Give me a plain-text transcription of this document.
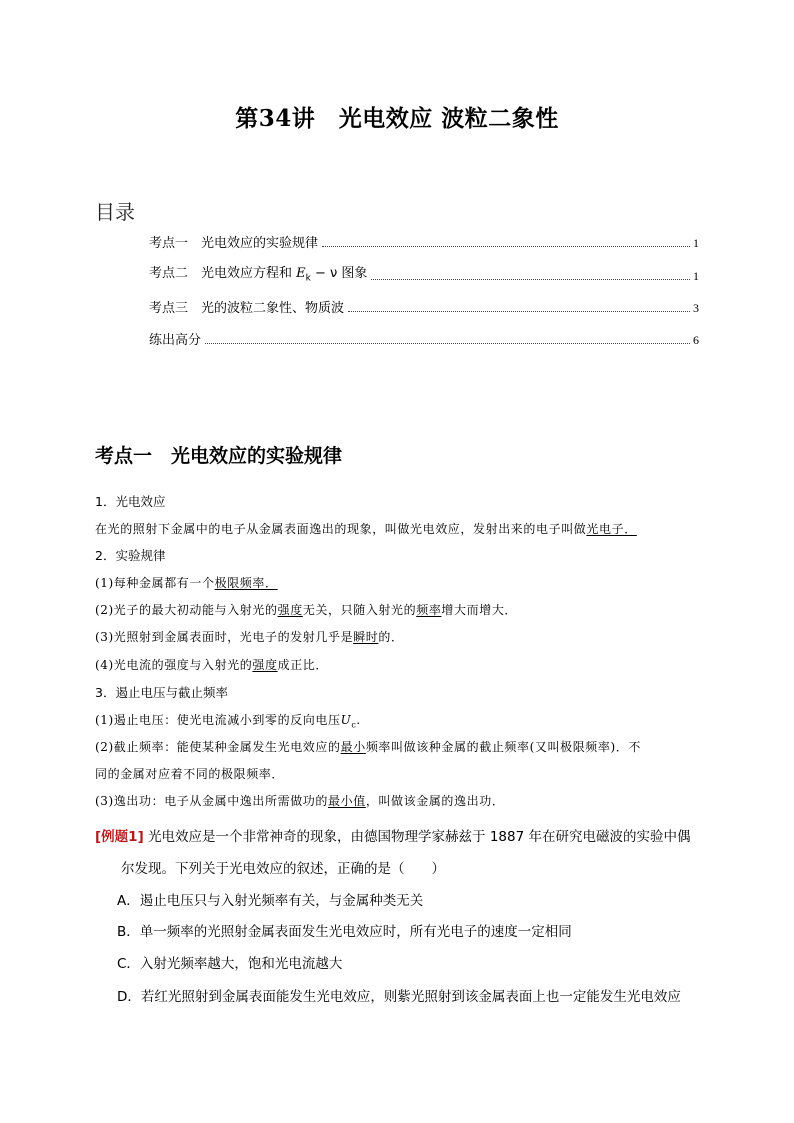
第34讲　光电效应 波粒二象性
目录
考点一　光电效应的实验规律	1
考点二　光电效应方程和 $E_k - \nu$ 图象	1
考点三　光的波粒二象性、物质波	3
练出高分	6
考点一　光电效应的实验规律
1．光电效应
在光的照射下金属中的电子从金属表面逸出的现象，叫做光电效应，发射出来的电子叫做光电子．
2．实验规律
(1)每种金属都有一个极限频率．
(2)光子的最大初动能与入射光的强度无关，只随入射光的频率增大而增大．
(3)光照射到金属表面时，光电子的发射几乎是瞬时的．
(4)光电流的强度与入射光的强度成正比．
3．遏止电压与截止频率
(1)遏止电压：使光电流减小到零的反向电压$U_c$.
(2)截止频率：能使某种金属发生光电效应的最小频率叫做该种金属的截止频率(又叫极限频率)．不
同的金属对应着不同的极限频率．
(3)逸出功：电子从金属中逸出所需做功的最小值，叫做该金属的逸出功．
[例题1] 光电效应是一个非常神奇的现象，由德国物理学家赫兹于 1887 年在研究电磁波的实验中偶
尔发现。下列关于光电效应的叙述，正确的是（　　）
A．遏止电压只与入射光频率有关，与金属种类无关
B．单一频率的光照射金属表面发生光电效应时，所有光电子的速度一定相同
C．入射光频率越大，饱和光电流越大
D．若红光照射到金属表面能发生光电效应，则紫光照射到该金属表面上也一定能发生光电效应
